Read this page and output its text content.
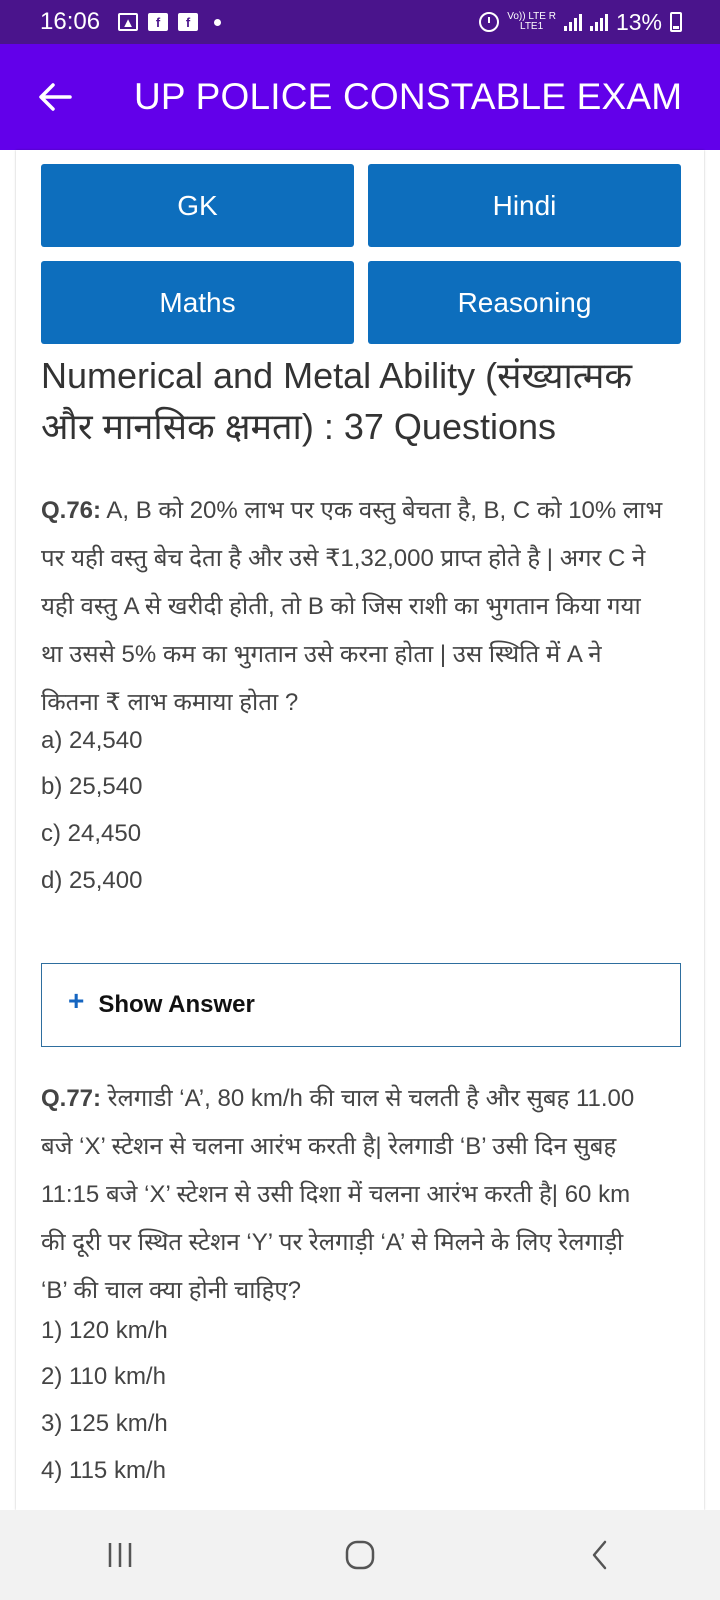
16:06 ▲	f	f	Vo)) LTE R
LTE1	13%
UP POLICE CONSTABLE EXAM
GK	Hindi
Maths	Reasoning
Numerical and Metal Ability (संख्यात्मक
और मानसिक क्षमता) : 37 Questions
Q.76: A, B को 20% लाभ पर एक वस्तु बेचता है, B, C को 10% लाभ
पर यही वस्तु बेच देता है और उसे ₹1,32,000 प्राप्त होते है | अगर C ने
यही वस्तु A से खरीदी होती, तो B को जिस राशी का भुगतान किया गया
था उससे 5% कम का भुगतान उसे करना होता | उस स्थिति में A ने
कितना ₹ लाभ कमाया होता ?
a) 24,540
b) 25,540
c) 24,450
d) 25,400
+ Show Answer
Q.77: रेलगाडी ‘A’, 80 km/h की चाल से चलती है और सुबह 11.00
बजे ‘X’ स्टेशन से चलना आरंभ करती है| रेलगाडी ‘B’ उसी दिन सुबह
11:15 बजे ‘X’ स्टेशन से उसी दिशा में चलना आरंभ करती है| 60 km
की दूरी पर स्थित स्टेशन ‘Y’ पर रेलगाड़ी ‘A’ से मिलने के लिए रेलगाड़ी
‘B’ की चाल क्या होनी चाहिए?
1) 120 km/h
2) 110 km/h
3) 125 km/h
4) 115 km/h
